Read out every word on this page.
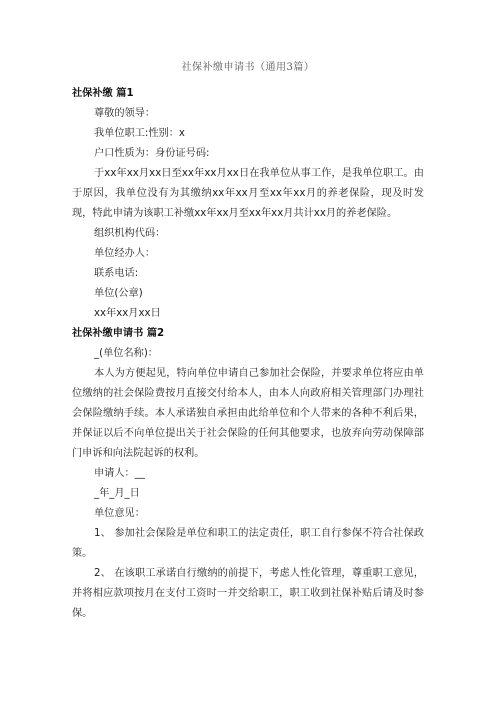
社保补缴申请书（通用3篇）

社保补缴 篇1

尊敬的领导：

我单位职工:性别：x

户口性质为：身份证号码:

于xx年xx月xx日至xx年xx月xx日在我单位从事工作，是我单位职工。由于原因，我单位没有为其缴纳xx年xx月至xx年xx月的养老保险，现及时发现，特此申请为该职工补缴xx年xx月至xx年xx月共计xx月的养老保险。

组织机构代码：

单位经办人：

联系电话:

单位(公章)

xx年xx月xx日

社保补缴申请书 篇2

_(单位名称)：

本人为方便起见，特向单位申请自己参加社会保险，并要求单位将应由单位缴纳的社会保险费按月直接交付给本人，由本人向政府相关管理部门办理社会保险缴纳手续。本人承诺独自承担由此给单位和个人带来的各种不利后果，并保证以后不向单位提出关于社会保险的任何其他要求，也放弃向劳动保障部门申诉和向法院起诉的权利。

申请人：__

_年_月_日

单位意见：

1、 参加社会保险是单位和职工的法定责任，职工自行参保不符合社保政策。

2、 在该职工承诺自行缴纳的前提下，考虑人性化管理，尊重职工意见，并将相应款项按月在支付工资时一并交给职工，职工收到社保补贴后请及时参保。
